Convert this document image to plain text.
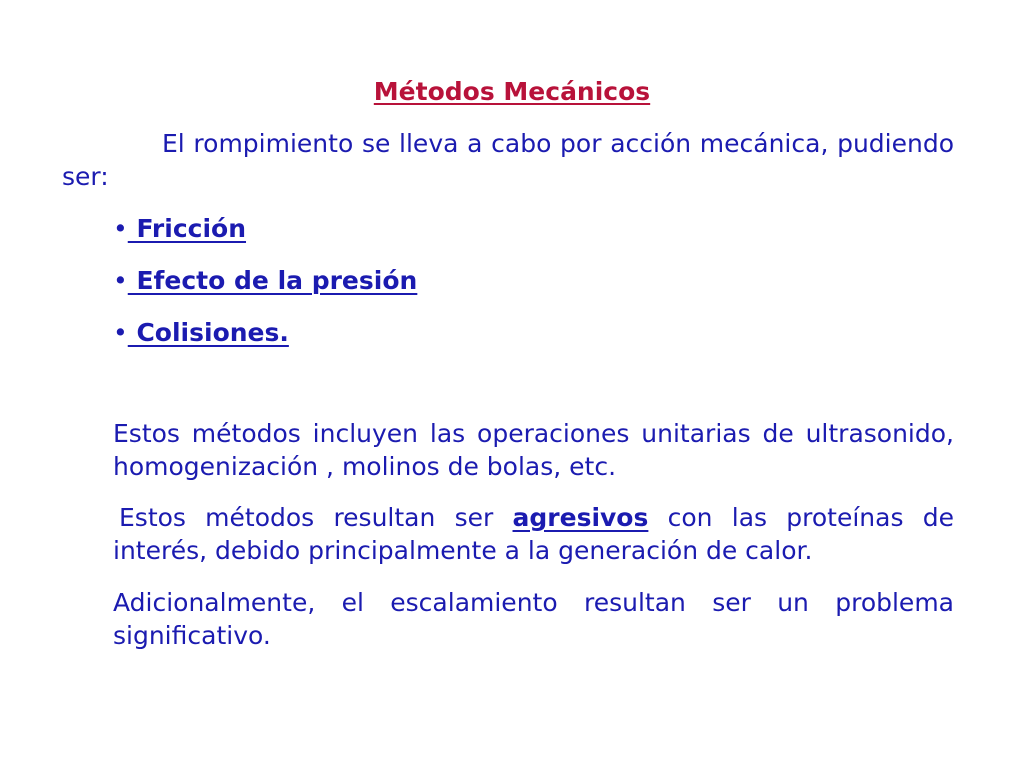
Métodos Mecánicos
El rompimiento se lleva a cabo por acción mecánica, pudiendo ser:
• Fricción
• Efecto de la presión
• Colisiones.
Estos métodos incluyen las operaciones unitarias de ultrasonido, homogenización , molinos de bolas, etc.
Estos métodos resultan ser agresivos con las proteínas de interés, debido principalmente a la generación de calor.
Adicionalmente, el escalamiento resultan ser un problema significativo.
